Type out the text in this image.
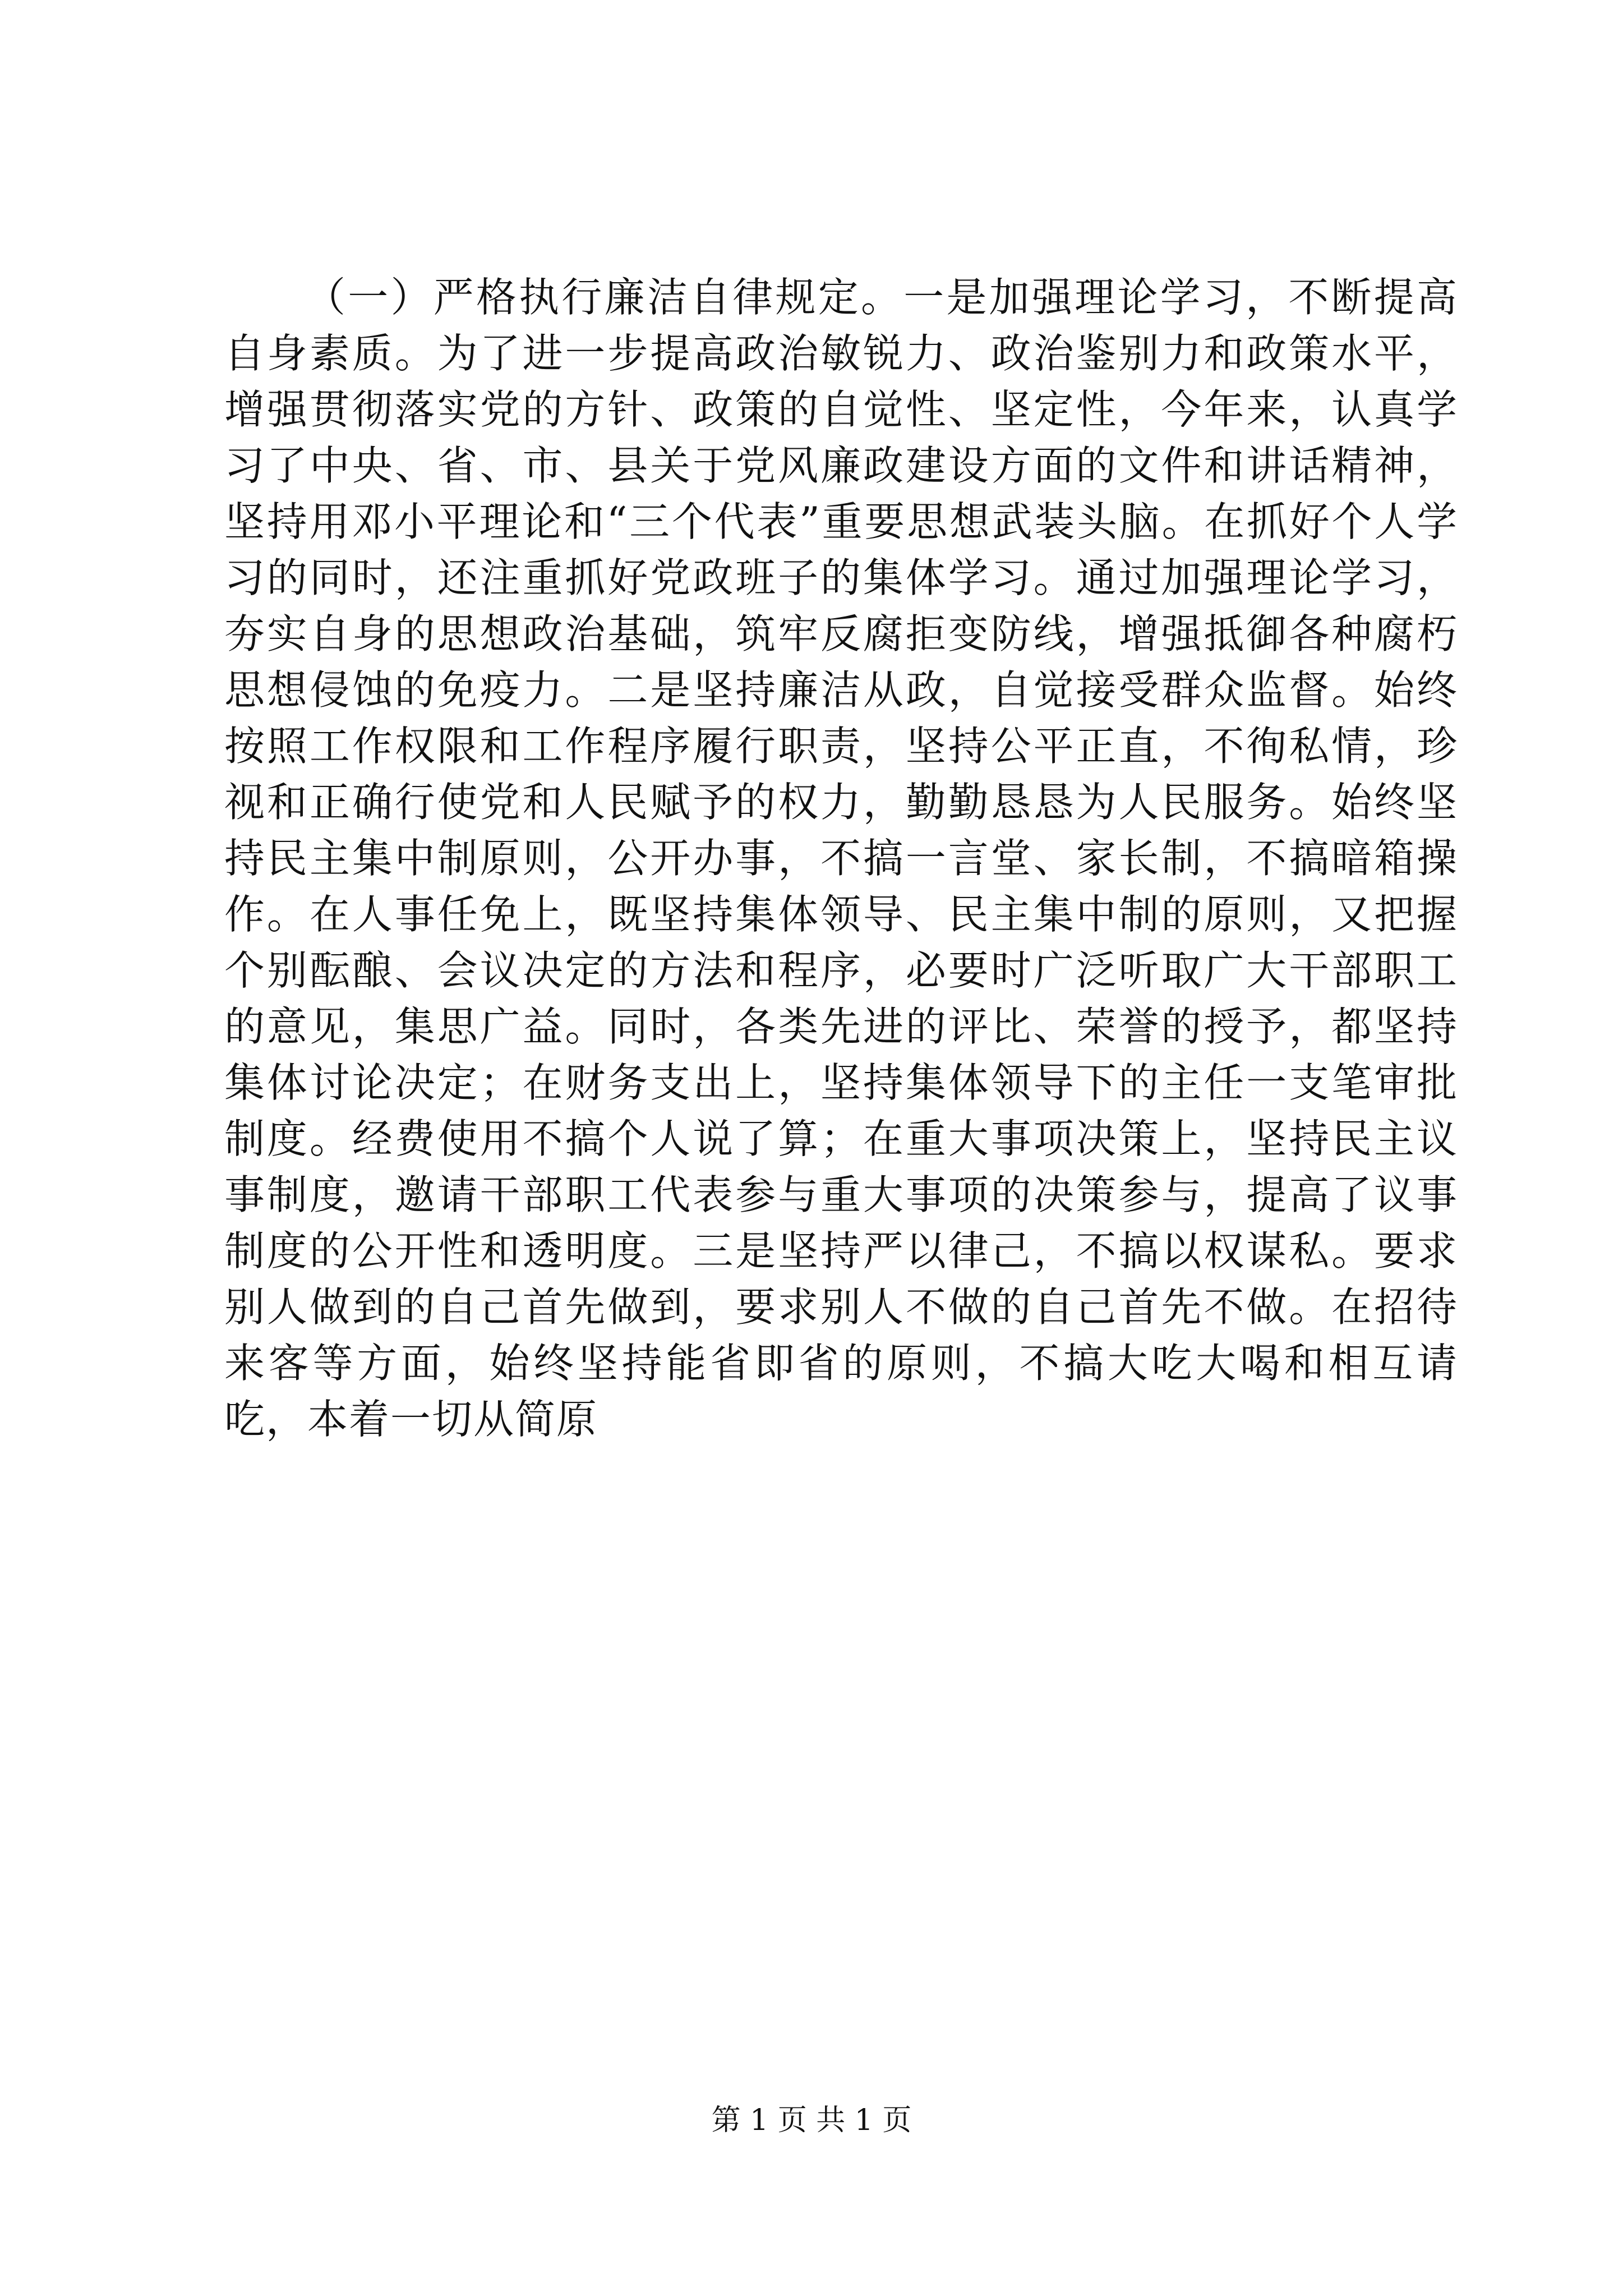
（一）严格执行廉洁自律规定。一是加强理论学习，不断提高自身素质。为了进一步提高政治敏锐力、政治鉴别力和政策水平，增强贯彻落实党的方针、政策的自觉性、坚定性，今年来，认真学习了中央、省、市、县关于党风廉政建设方面的文件和讲话精神，坚持用邓小平理论和“三个代表”重要思想武装头脑。在抓好个人学习的同时，还注重抓好党政班子的集体学习。通过加强理论学习，夯实自身的思想政治基础，筑牢反腐拒变防线，增强抵御各种腐朽思想侵蚀的免疫力。二是坚持廉洁从政，自觉接受群众监督。始终按照工作权限和工作程序履行职责，坚持公平正直，不徇私情，珍视和正确行使党和人民赋予的权力，勤勤恳恳为人民服务。始终坚持民主集中制原则，公开办事，不搞一言堂、家长制，不搞暗箱操作。在人事任免上，既坚持集体领导、民主集中制的原则，又把握个别酝酿、会议决定的方法和程序，必要时广泛听取广大干部职工的意见，集思广益。同时，各类先进的评比、荣誉的授予，都坚持集体讨论决定；在财务支出上，坚持集体领导下的主任一支笔审批制度。经费使用不搞个人说了算；在重大事项决策上，坚持民主议事制度，邀请干部职工代表参与重大事项的决策参与，提高了议事制度的公开性和透明度。三是坚持严以律己，不搞以权谋私。要求别人做到的自己首先做到，要求别人不做的自己首先不做。在招待来客等方面，始终坚持能省即省的原则，不搞大吃大喝和相互请吃，本着一切从简原

第 1 页 共 1 页
